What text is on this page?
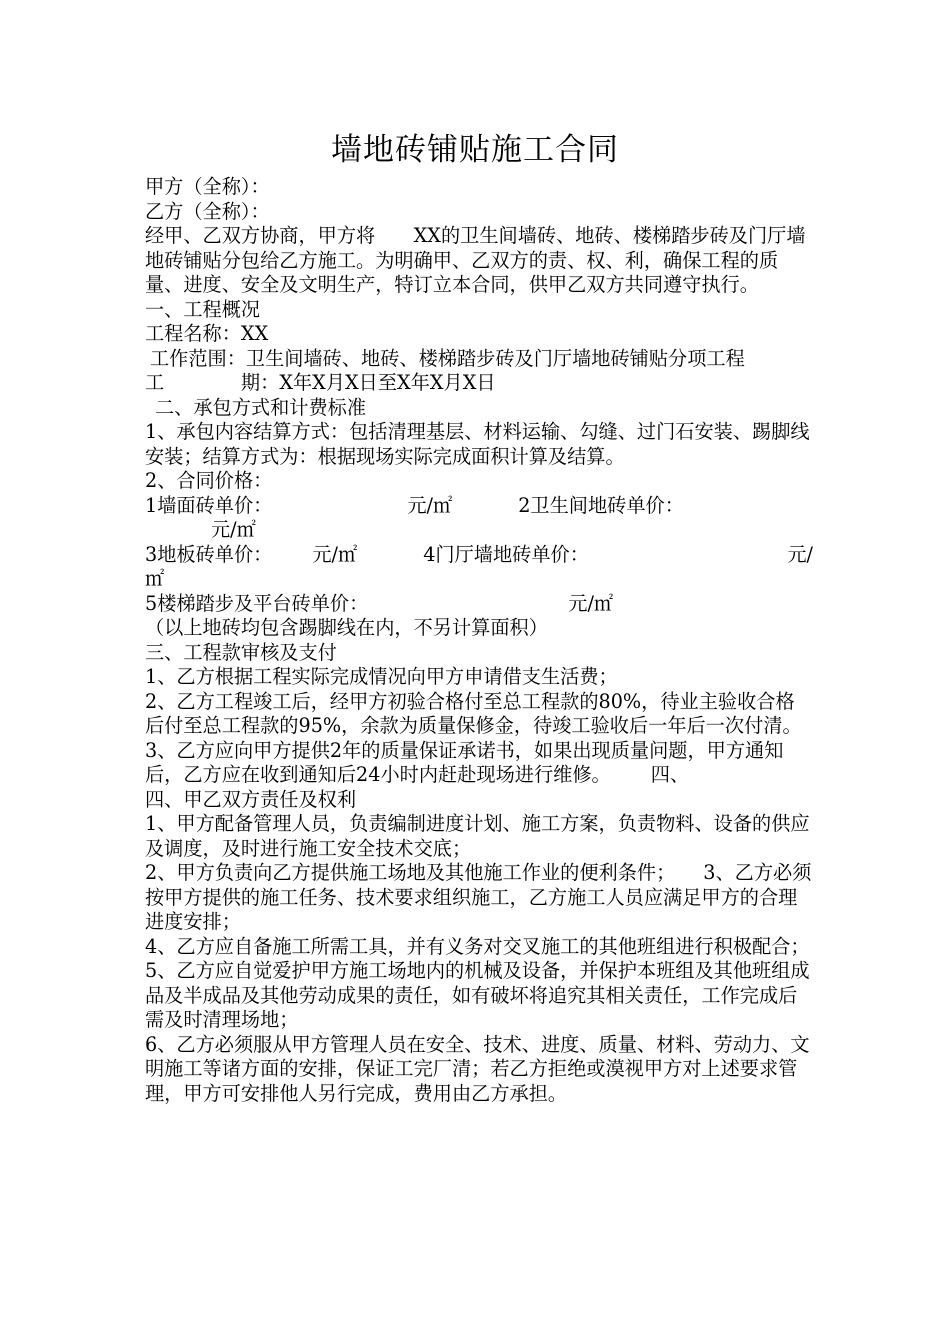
墙地砖铺贴施工合同

甲方（全称）：

乙方（全称）：

经甲、乙双方协商，甲方将　　XX的卫生间墙砖、地砖、楼梯踏步砖及门厅墙地砖铺贴分包给乙方施工。为明确甲、乙双方的责、权、利，确保工程的质量、进度、安全及文明生产，特订立本合同，供甲乙双方共同遵守执行。

一、工程概况

工程名称：XX

工作范围：卫生间墙砖、地砖、楼梯踏步砖及门厅墙地砖铺贴分项工程

工　　　　期：X年X月X日至X年X月X日

二、承包方式和计费标准

1、承包内容结算方式：包括清理基层、材料运输、勾缝、过门石安装、踢脚线安装；结算方式为：根据现场实际完成面积计算及结算。

2、合同价格：

1墙面砖单价：	元/㎡	2卫生间地砖单价：
元/㎡
3地板砖单价： 元/㎡	4门厅墙地砖单价：	元/
㎡
5楼梯踏步及平台砖单价：	元/㎡

（以上地砖均包含踢脚线在内，不另计算面积）

三、工程款审核及支付

1、乙方根据工程实际完成情况向甲方申请借支生活费；

2、乙方工程竣工后，经甲方初验合格付至总工程款的80%，待业主验收合格后付至总工程款的95%，余款为质量保修金，待竣工验收后一年后一次付清。

3、乙方应向甲方提供2年的质量保证承诺书，如果出现质量问题，甲方通知后，乙方应在收到通知后24小时内赶赴现场进行维修。 四、

四、甲乙双方责任及权利

1、甲方配备管理人员，负责编制进度计划、施工方案，负责物料、设备的供应及调度，及时进行施工安全技术交底；

2、甲方负责向乙方提供施工场地及其他施工作业的便利条件； 3、乙方必须按甲方提供的施工任务、技术要求组织施工，乙方施工人员应满足甲方的合理进度安排；

4、乙方应自备施工所需工具，并有义务对交叉施工的其他班组进行积极配合；

5、乙方应自觉爱护甲方施工场地内的机械及设备，并保护本班组及其他班组成品及半成品及其他劳动成果的责任，如有破坏将追究其相关责任，工作完成后需及时清理场地；

6、乙方必须服从甲方管理人员在安全、技术、进度、质量、材料、劳动力、文明施工等诸方面的安排，保证工完厂清；若乙方拒绝或漠视甲方对上述要求管理，甲方可安排他人另行完成，费用由乙方承担。
